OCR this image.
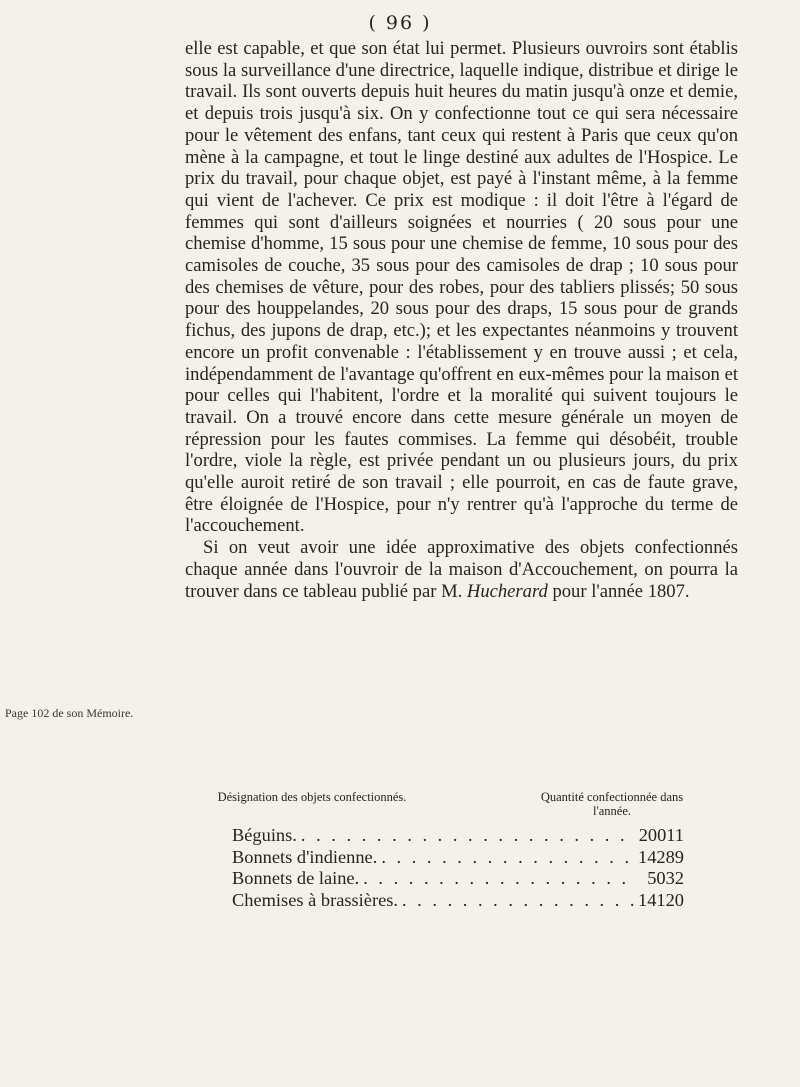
( 96 )

elle est capable, et que son état lui permet. Plusieurs ouvroirs sont établis sous la surveillance d'une directrice, laquelle indique, distribue et dirige le travail. Ils sont ouverts depuis huit heures du matin jusqu'à onze et demie, et depuis trois jusqu'à six. On y confectionne tout ce qui sera nécessaire pour le vêtement des enfans, tant ceux qui restent à Paris que ceux qu'on mène à la campagne, et tout le linge destiné aux adultes de l'Hospice. Le prix du travail, pour chaque objet, est payé à l'instant même, à la femme qui vient de l'achever. Ce prix est modique : il doit l'être à l'égard de femmes qui sont d'ailleurs soignées et nourries ( 20 sous pour une chemise d'homme, 15 sous pour une chemise de femme, 10 sous pour des camisoles de couche, 35 sous pour des camisoles de drap ; 10 sous pour des chemises de vêture, pour des robes, pour des tabliers plissés; 50 sous pour des houppelandes, 20 sous pour des draps, 15 sous pour de grands fichus, des jupons de drap, etc.); et les expectantes néanmoins y trouvent encore un profit convenable : l'établissement y en trouve aussi ; et cela, indépendamment de l'avantage qu'offrent en eux-mêmes pour la maison et pour celles qui l'habitent, l'ordre et la moralité qui suivent toujours le travail. On a trouvé encore dans cette mesure générale un moyen de répression pour les fautes commises. La femme qui désobéit, trouble l'ordre, viole la règle, est privée pendant un ou plusieurs jours, du prix qu'elle auroit retiré de son travail ; elle pourroit, en cas de faute grave, être éloignée de l'Hospice, pour n'y rentrer qu'à l'approche du terme de l'accouchement.

Si on veut avoir une idée approximative des objets confectionnés chaque année dans l'ouvroir de la maison d'Accouchement, on pourra la trouver dans ce tableau publié par M. Hucherard pour l'année 1807.

Page 102 de son Mémoire.
Désignation des objets confectionnés.	Quantité confectionnée dans l'année.
Béguins. . . .	20011
Bonnets d'indienne. . . .	14289
Bonnets de laine. . . .	5032
Chemises à brassières. . . .	14120
